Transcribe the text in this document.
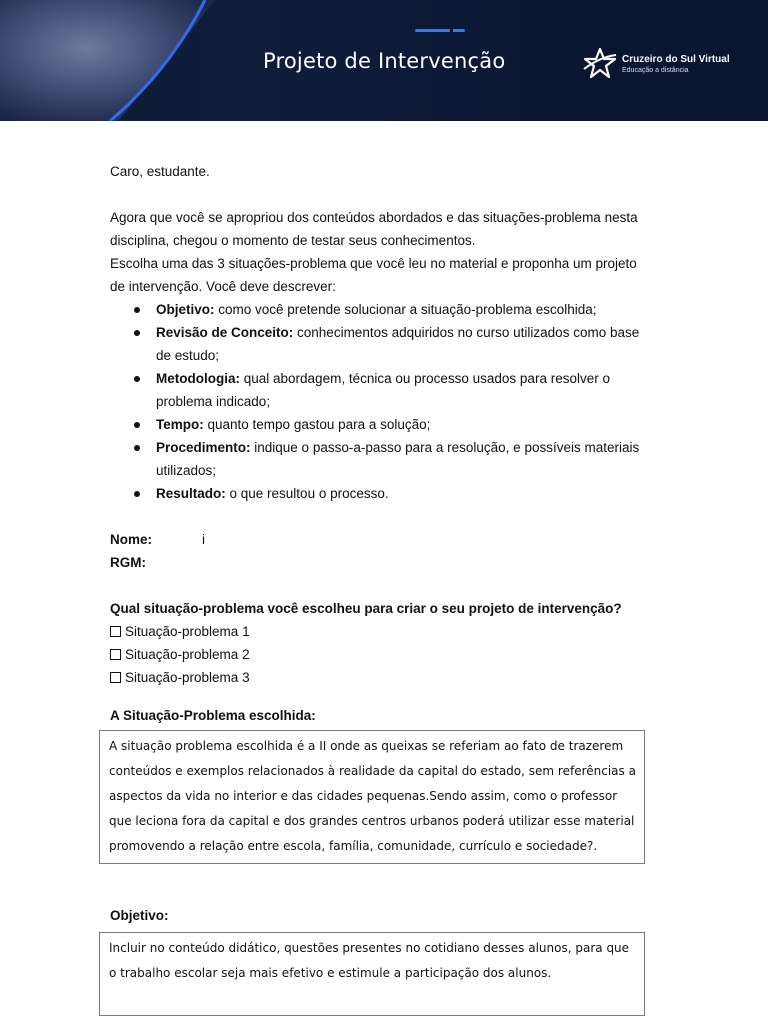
Projeto de Intervenção	Cruzeiro do Sul Virtual
Educação a distância

Caro, estudante.

Agora que você se apropriou dos conteúdos abordados e das situações-problema nesta disciplina, chegou o momento de testar seus conhecimentos.

Escolha uma das 3 situações-problema que você leu no material e proponha um projeto de intervenção. Você deve descrever:

Objetivo: como você pretende solucionar a situação-problema escolhida;
Revisão de Conceito: conhecimentos adquiridos no curso utilizados como base de estudo;
Metodologia: qual abordagem, técnica ou processo usados para resolver o problema indicado;
Tempo: quanto tempo gastou para a solução;
Procedimento: indique o passo-a-passo para a resolução, e possíveis materiais utilizados;
Resultado: o que resultou o processo.
Nome:	i
RGM:

Qual situação-problema você escolheu para criar o seu projeto de intervenção?

Situação-problema 1
Situação-problema 2
Situação-problema 3

A Situação-Problema escolhida:

A situação problema escolhida é a II onde as queixas se referiam ao fato de trazerem conteúdos e exemplos relacionados à realidade da capital do estado, sem referências a aspectos da vida no interior e das cidades pequenas.Sendo assim, como o professor que leciona fora da capital e dos grandes centros urbanos poderá utilizar esse material promovendo a relação entre escola, família, comunidade, currículo e sociedade?.

Objetivo:

Incluir no conteúdo didático, questões presentes no cotidiano desses alunos, para que o trabalho escolar seja mais efetivo e estimule a participação dos alunos.
